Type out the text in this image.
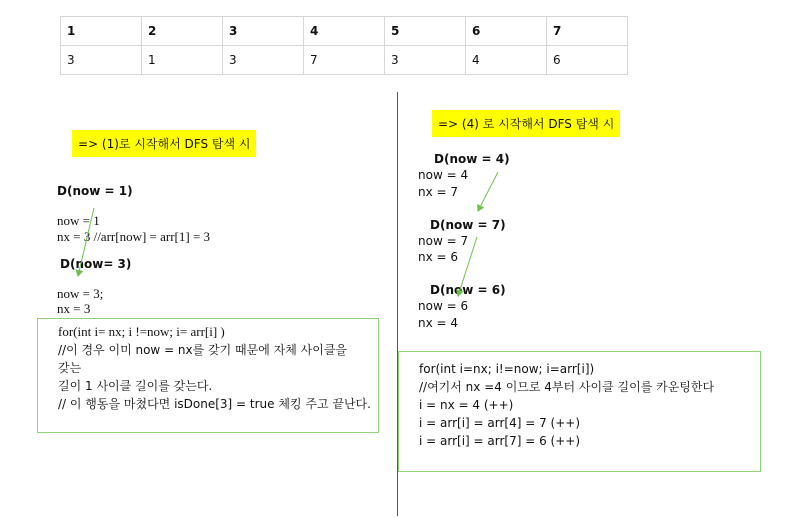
1	2	3	4	5	6	7
3	1	3	7	3	4	6
=> (1)로 시작해서 DFS 탐색 시
D(now = 1)
now = 1
nx = 3 //arr[now] = arr[1] = 3
D(now= 3)
now = 3;
nx = 3
for(int i= nx; i !=now; i= arr[i] )
//이 경우 이미 now = nx를 갖기 때문에 자체 사이클을
갖는
길이 1 사이클 길이를 갖는다.
// 이 행동을 마쳤다면 isDone[3] = true 체킹 주고 끝난다.
=> (4) 로 시작해서 DFS 탐색 시
D(now = 4)
now = 4
nx = 7
D(now = 7)
now = 7
nx = 6
D(now = 6)
now = 6
nx = 4
for(int i=nx; i!=now; i=arr[i])
//여기서 nx =4 이므로 4부터 사이클 길이를 카운팅한다
i = nx = 4 (++)
i = arr[i] = arr[4] = 7 (++)
i = arr[i] = arr[7] = 6 (++)
